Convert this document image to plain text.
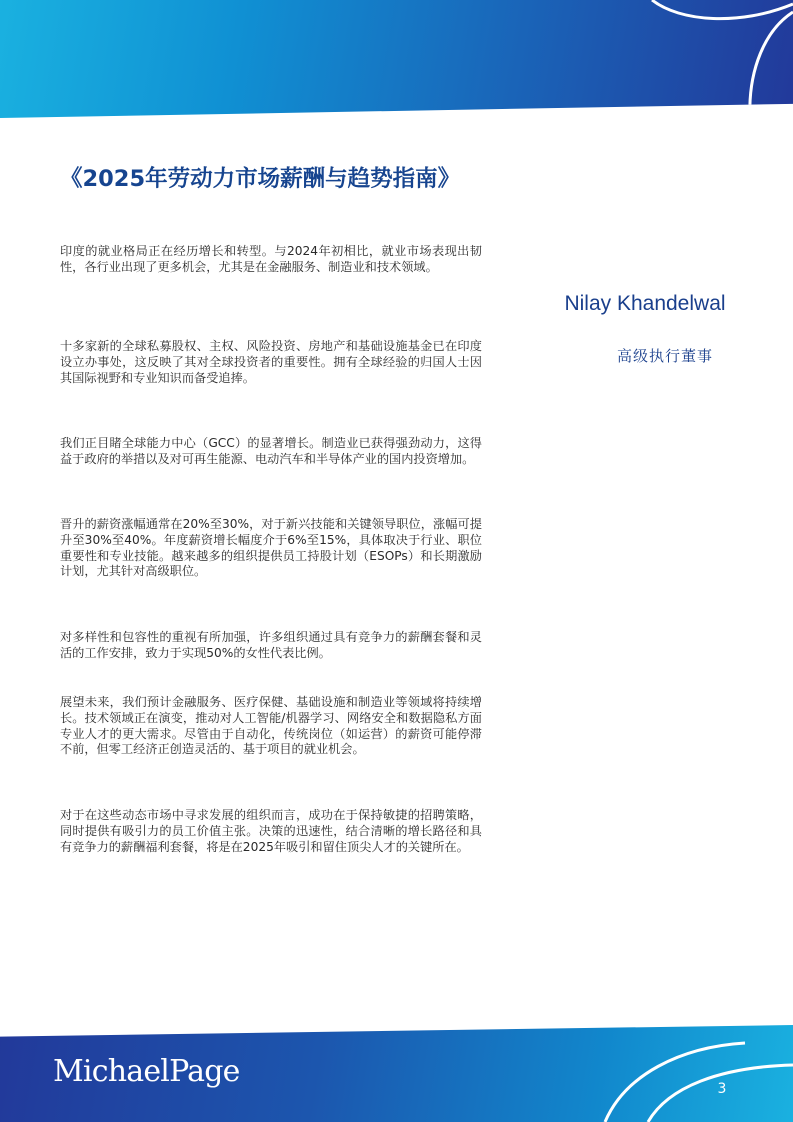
《2025年劳动力市场薪酬与趋势指南》

印度的就业格局正在经历增长和转型。与2024年初相比，就业市场表现出韧性，各行业出现了更多机会，尤其是在金融服务、制造业和技术领域。

十多家新的全球私募股权、主权、风险投资、房地产和基础设施基金已在印度设立办事处，这反映了其对全球投资者的重要性。拥有全球经验的归国人士因其国际视野和专业知识而备受追捧。

我们正目睹全球能力中心（GCC）的显著增长。制造业已获得强劲动力，这得益于政府的举措以及对可再生能源、电动汽车和半导体产业的国内投资增加。

晋升的薪资涨幅通常在20%至30%，对于新兴技能和关键领导职位，涨幅可提升至30%至40%。年度薪资增长幅度介于6%至15%，具体取决于行业、职位重要性和专业技能。越来越多的组织提供员工持股计划（ESOPs）和长期激励计划，尤其针对高级职位。

对多样性和包容性的重视有所加强，许多组织通过具有竞争力的薪酬套餐和灵活的工作安排，致力于实现50%的女性代表比例。

展望未来，我们预计金融服务、医疗保健、基础设施和制造业等领域将持续增长。技术领域正在演变，推动对人工智能/机器学习、网络安全和数据隐私方面专业人才的更大需求。尽管由于自动化，传统岗位（如运营）的薪资可能停滞不前，但零工经济正创造灵活的、基于项目的就业机会。

对于在这些动态市场中寻求发展的组织而言，成功在于保持敏捷的招聘策略，同时提供有吸引力的员工价值主张。决策的迅速性，结合清晰的增长路径和具有竞争力的薪酬福利套餐，将是在2025年吸引和留住顶尖人才的关键所在。

Nilay Khandelwal
高级执行董事
MichaelPage	3
